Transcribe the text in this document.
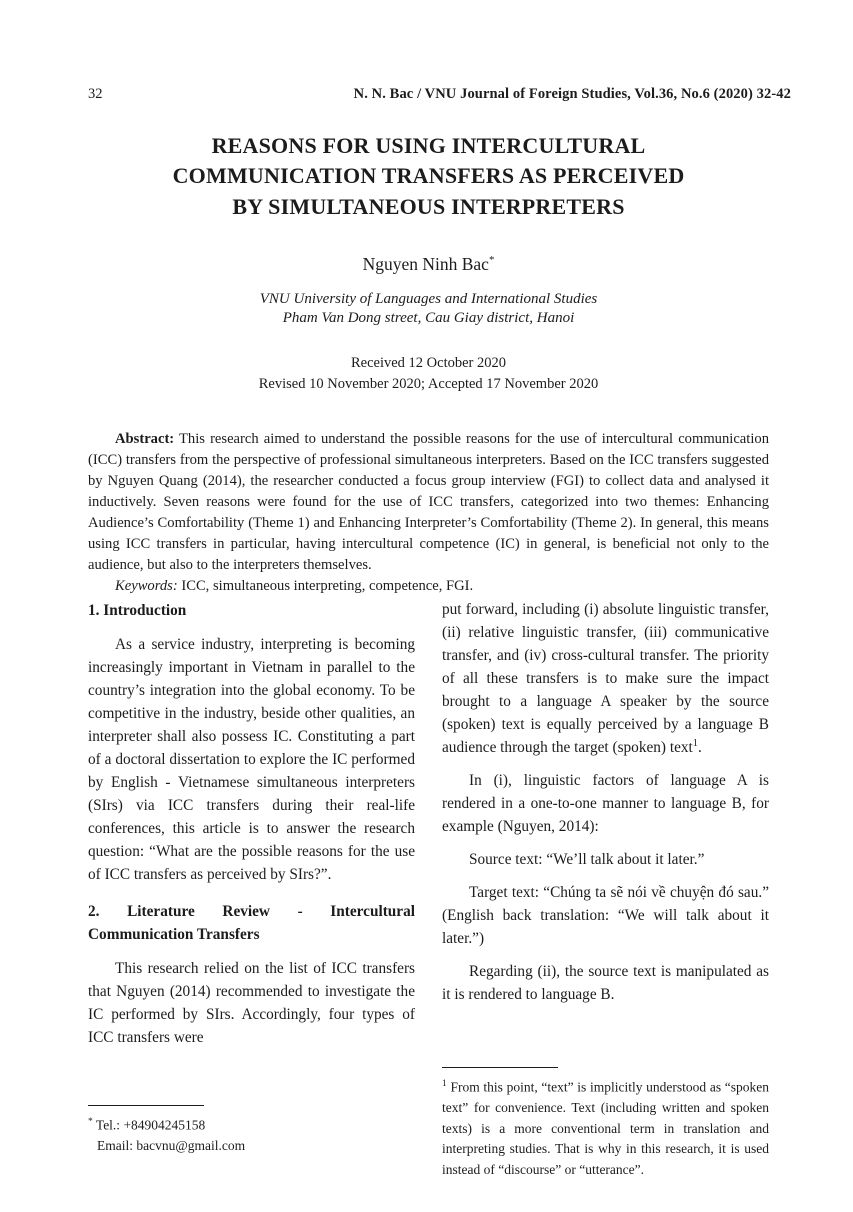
32	N. N. Bac / VNU Journal of Foreign Studies, Vol.36, No.6 (2020) 32-42
REASONS FOR USING INTERCULTURAL
COMMUNICATION TRANSFERS AS PERCEIVED
BY SIMULTANEOUS INTERPRETERS
Nguyen Ninh Bac*
VNU University of Languages and International Studies
Pham Van Dong street, Cau Giay district, Hanoi
Received 12 October 2020
Revised 10 November 2020; Accepted 17 November 2020

Abstract: This research aimed to understand the possible reasons for the use of intercultural communication (ICC) transfers from the perspective of professional simultaneous interpreters. Based on the ICC transfers suggested by Nguyen Quang (2014), the researcher conducted a focus group interview (FGI) to collect data and analysed it inductively. Seven reasons were found for the use of ICC transfers, categorized into two themes: Enhancing Audience’s Comfortability (Theme 1) and Enhancing Interpreter’s Comfortability (Theme 2). In general, this means using ICC transfers in particular, having intercultural competence (IC) in general, is beneficial not only to the audience, but also to the interpreters themselves.

Keywords: ICC, simultaneous interpreting, competence, FGI.

1. Introduction

As a service industry, interpreting is becoming increasingly important in Vietnam in parallel to the country’s integration into the global economy. To be competitive in the industry, beside other qualities, an interpreter shall also possess IC. Constituting a part of a doctoral dissertation to explore the IC performed by English - Vietnamese simultaneous interpreters (SIrs) via ICC transfers during their real-life conferences, this article is to answer the research question: “What are the possible reasons for the use of ICC transfers as perceived by SIrs?”.

2. Literature Review - Intercultural Communication Transfers

This research relied on the list of ICC transfers that Nguyen (2014) recommended to investigate the IC performed by SIrs. Accordingly, four types of ICC transfers were

* Tel.: +84904245158
Email: bacvnu@gmail.com

put forward, including (i) absolute linguistic transfer, (ii) relative linguistic transfer, (iii) communicative transfer, and (iv) cross-cultural transfer. The priority of all these transfers is to make sure the impact brought to a language A speaker by the source (spoken) text is equally perceived by a language B audience through the target (spoken) text$^1$.

In (i), linguistic factors of language A is rendered in a one-to-one manner to language B, for example (Nguyen, 2014):

Source text: “We’ll talk about it later.”

Target text: “Chúng ta sẽ nói về chuyện đó sau.” (English back translation: “We will talk about it later.”)

Regarding (ii), the source text is manipulated as it is rendered to language B.

$^1$ From this point, “text” is implicitly understood as “spoken text” for convenience. Text (including written and spoken texts) is a more conventional term in translation and interpreting studies. That is why in this research, it is used instead of “discourse” or “utterance”.
